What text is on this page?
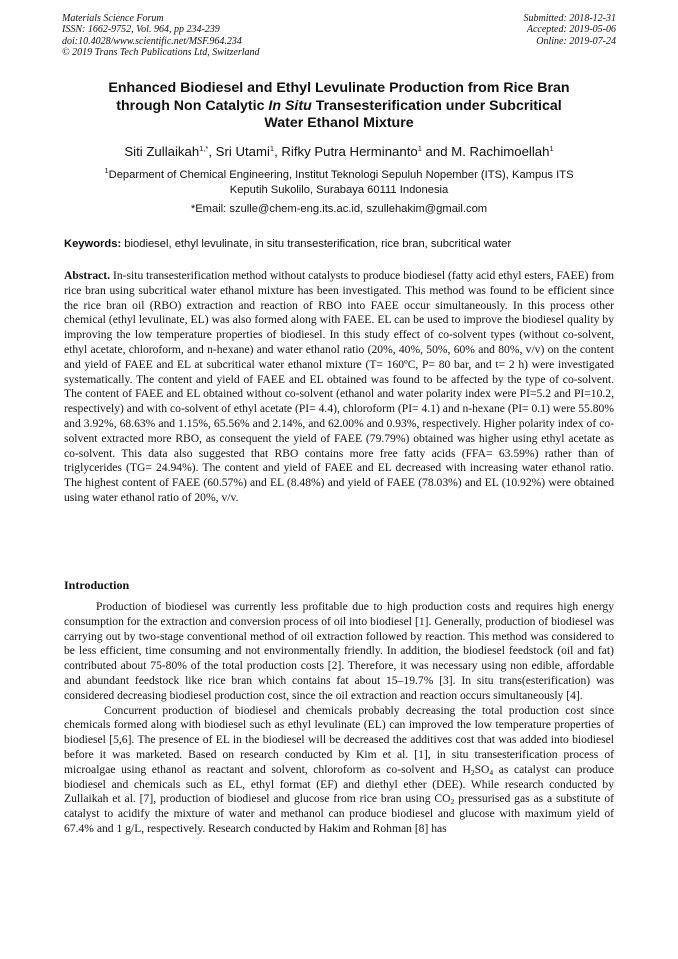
Materials Science Forum
ISSN: 1662-9752, Vol. 964, pp 234-239
doi:10.4028/www.scientific.net/MSF.964.234
© 2019 Trans Tech Publications Ltd, Switzerland
Submitted: 2018-12-31
Accepted: 2019-05-06
Online: 2019-07-24
Enhanced Biodiesel and Ethyl Levulinate Production from Rice Bran
through Non Catalytic In Situ Transesterification under Subcritical
Water Ethanol Mixture
Siti Zullaikah$^{1,*}$, Sri Utami$^1$, Rifky Putra Herminanto$^1$ and M. Rachimoellah$^1$
$^1$Deparment of Chemical Engineering, Institut Teknologi Sepuluh Nopember (ITS), Kampus ITS
Keputih Sukolilo, Surabaya 60111 Indonesia
*Email: szulle@chem-eng.its.ac.id, szullehakim@gmail.com
Keywords: biodiesel, ethyl levulinate, in situ transesterification, rice bran, subcritical water
Abstract. In-situ transesterification method without catalysts to produce biodiesel (fatty acid ethyl esters, FAEE) from rice bran using subcritical water ethanol mixture has been investigated. This method was found to be efficient since the rice bran oil (RBO) extraction and reaction of RBO into FAEE occur simultaneously. In this process other chemical (ethyl levulinate, EL) was also formed along with FAEE. EL can be used to improve the biodiesel quality by improving the low temperature properties of biodiesel. In this study effect of co-solvent types (without co-solvent, ethyl acetate, chloroform, and n-hexane) and water ethanol ratio (20%, 40%, 50%, 60% and 80%, v/v) on the content and yield of FAEE and EL at subcritical water ethanol mixture (T= 160ºC, P= 80 bar, and t= 2 h) were investigated systematically. The content and yield of FAEE and EL obtained was found to be affected by the type of co-solvent. The content of FAEE and EL obtained without co-solvent (ethanol and water polarity index were PI=5.2 and PI=10.2, respectively) and with co-solvent of ethyl acetate (PI= 4.4), chloroform (PI= 4.1) and n-hexane (PI= 0.1) were 55.80% and 3.92%, 68.63% and 1.15%, 65.56% and 2.14%, and 62.00% and 0.93%, respectively. Higher polarity index of co-solvent extracted more RBO, as consequent the yield of FAEE (79.79%) obtained was higher using ethyl acetate as co-solvent. This data also suggested that RBO contains more free fatty acids (FFA= 63.59%) rather than of triglycerides (TG= 24.94%). The content and yield of FAEE and EL decreased with increasing water ethanol ratio. The highest content of FAEE (60.57%) and EL (8.48%) and yield of FAEE (78.03%) and EL (10.92%) were obtained using water ethanol ratio of 20%, v/v.
Introduction

Production of biodiesel was currently less profitable due to high production costs and requires high energy consumption for the extraction and conversion process of oil into biodiesel [1]. Generally, production of biodiesel was carrying out by two-stage conventional method of oil extraction followed by reaction. This method was considered to be less efficient, time consuming and not environmentally friendly. In addition, the biodiesel feedstock (oil and fat) contributed about 75-80% of the total production costs [2]. Therefore, it was necessary using non edible, affordable and abundant feedstock like rice bran which contains fat about 15–19.7% [3]. In situ trans(esterification) was considered decreasing biodiesel production cost, since the oil extraction and reaction occurs simultaneously [4].

Concurrent production of biodiesel and chemicals probably decreasing the total production cost since chemicals formed along with biodiesel such as ethyl levulinate (EL) can improved the low temperature properties of biodiesel [5,6]. The presence of EL in the biodiesel will be decreased the additives cost that was added into biodiesel before it was marketed. Based on research conducted by Kim et al. [1], in situ transesterification process of microalgae using ethanol as reactant and solvent, chloroform as co-solvent and $H_2SO_4$ as catalyst can produce biodiesel and chemicals such as EL, ethyl format (EF) and diethyl ether (DEE). While research conducted by Zullaikah et al. [7], production of biodiesel and glucose from rice bran using $CO_2$ pressurised gas as a substitute of catalyst to acidify the mixture of water and methanol can produce biodiesel and glucose with maximum yield of 67.4% and 1 g/L, respectively. Research conducted by Hakim and Rohman [8] has
